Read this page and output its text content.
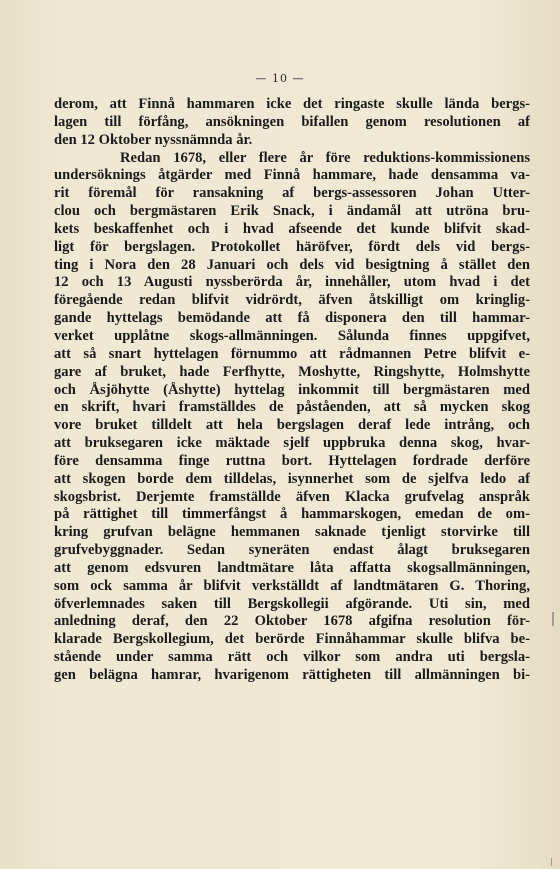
— 10 —
derom, att Finnå hammaren icke det ringaste skulle lända bergs-
lagen till förfång, ansökningen bifallen genom resolutionen af
den 12 Oktober nyssnämnda år.
Redan 1678, eller flere år före reduktions-kommissionens
undersöknings åtgärder med Finnå hammare, hade densamma va-
rit föremål för ransakning af bergs-assessoren Johan Utter-
clou och bergmästaren Erik Snack, i ändamål att utröna bru-
kets beskaffenhet och i hvad afseende det kunde blifvit skad-
ligt för bergslagen. Protokollet häröfver, fördt dels vid bergs-
ting i Nora den 28 Januari och dels vid besigtning å stället den
12 och 13 Augusti nyssberörda år, innehåller, utom hvad i det
föregående redan blifvit vidrördt, äfven åtskilligt om kringlig-
gande hyttelags bemödande att få disponera den till hammar-
verket upplåtne skogs-allmänningen. Sålunda finnes uppgifvet,
att så snart hyttelagen förnummo att rådmannen Petre blifvit e-
gare af bruket, hade Ferfhytte, Moshytte, Ringshytte, Holmshytte
och Åsjöhytte (Åshytte) hyttelag inkommit till bergmästaren med
en skrift, hvari framställdes de påståenden, att så mycken skog
vore bruket tilldelt att hela bergslagen deraf lede intrång, och
att bruksegaren icke mäktade sjelf uppbruka denna skog, hvar-
före densamma finge ruttna bort. Hyttelagen fordrade derföre
att skogen borde dem tilldelas, isynnerhet som de sjelfva ledo af
skogsbrist. Derjemte framställde äfven Klacka grufvelag anspråk
på rättighet till timmerfångst å hammarskogen, emedan de om-
kring grufvan belägne hemmanen saknade tjenligt storvirke till
grufvebyggnader. Sedan syneräten endast ålagt bruksegaren
att genom edsvuren landtmätare låta affatta skogsallmänningen,
som ock samma år blifvit verkställdt af landtmätaren G. Thoring,
öfverlemnades saken till Bergskollegii afgörande. Uti sin, med
anledning deraf, den 22 Oktober 1678 afgifna resolution för-
klarade Bergskollegium, det berörde Finnåhammar skulle blifva be-
stående under samma rätt och vilkor som andra uti bergsla-
gen belägna hamrar, hvarigenom rättigheten till allmänningen bi-
